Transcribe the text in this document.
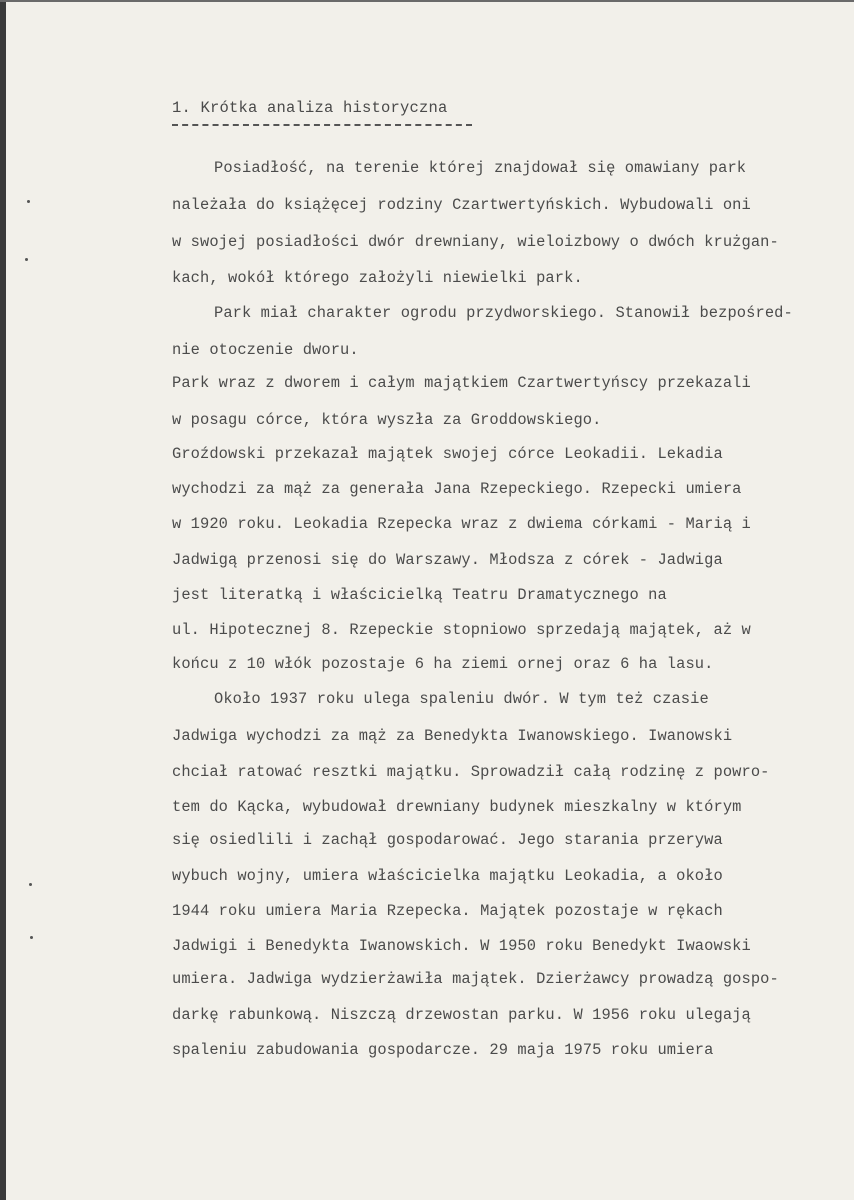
1. Krótka analiza historyczna
Posiadłość, na terenie której znajdował się omawiany park
należała do książęcej rodziny Czartwertyńskich. Wybudowali oni
w swojej posiadłości dwór drewniany, wieloizbowy o dwóch krużgan-
kach, wokół którego założyli niewielki park.
Park miał charakter ogrodu przydworskiego. Stanowił bezpośred-
nie otoczenie dworu.
Park wraz z dworem i całym majątkiem Czartwertyńscy przekazali
w posagu córce, która wyszła za Groddowskiego.
Groźdowski przekazał majątek swojej córce Leokadii. Lekadia
wychodzi za mąż za generała Jana Rzepeckiego. Rzepecki umiera
w 1920 roku. Leokadia Rzepecka wraz z dwiema córkami - Marią i
Jadwigą przenosi się do Warszawy. Młodsza z córek - Jadwiga
jest literatką i właścicielką Teatru Dramatycznego na
ul. Hipotecznej 8. Rzepeckie stopniowo sprzedają majątek, aż w
końcu z 10 włók pozostaje 6 ha ziemi ornej oraz 6 ha lasu.
Około 1937 roku ulega spaleniu dwór. W tym też czasie
Jadwiga wychodzi za mąż za Benedykta Iwanowskiego. Iwanowski
chciał ratować resztki majątku. Sprowadził całą rodzinę z powro-
tem do Kącka, wybudował drewniany budynek mieszkalny w którym
się osiedlili i zachął gospodarować. Jego starania przerywa
wybuch wojny, umiera właścicielka majątku Leokadia, a około
1944 roku umiera Maria Rzepecka. Majątek pozostaje w rękach
Jadwigi i Benedykta Iwanowskich. W 1950 roku Benedykt Iwaowski
umiera. Jadwiga wydzierżawiła majątek. Dzierżawcy prowadzą gospo-
darkę rabunkową. Niszczą drzewostan parku. W 1956 roku ulegają
spaleniu zabudowania gospodarcze. 29 maja 1975 roku umiera
